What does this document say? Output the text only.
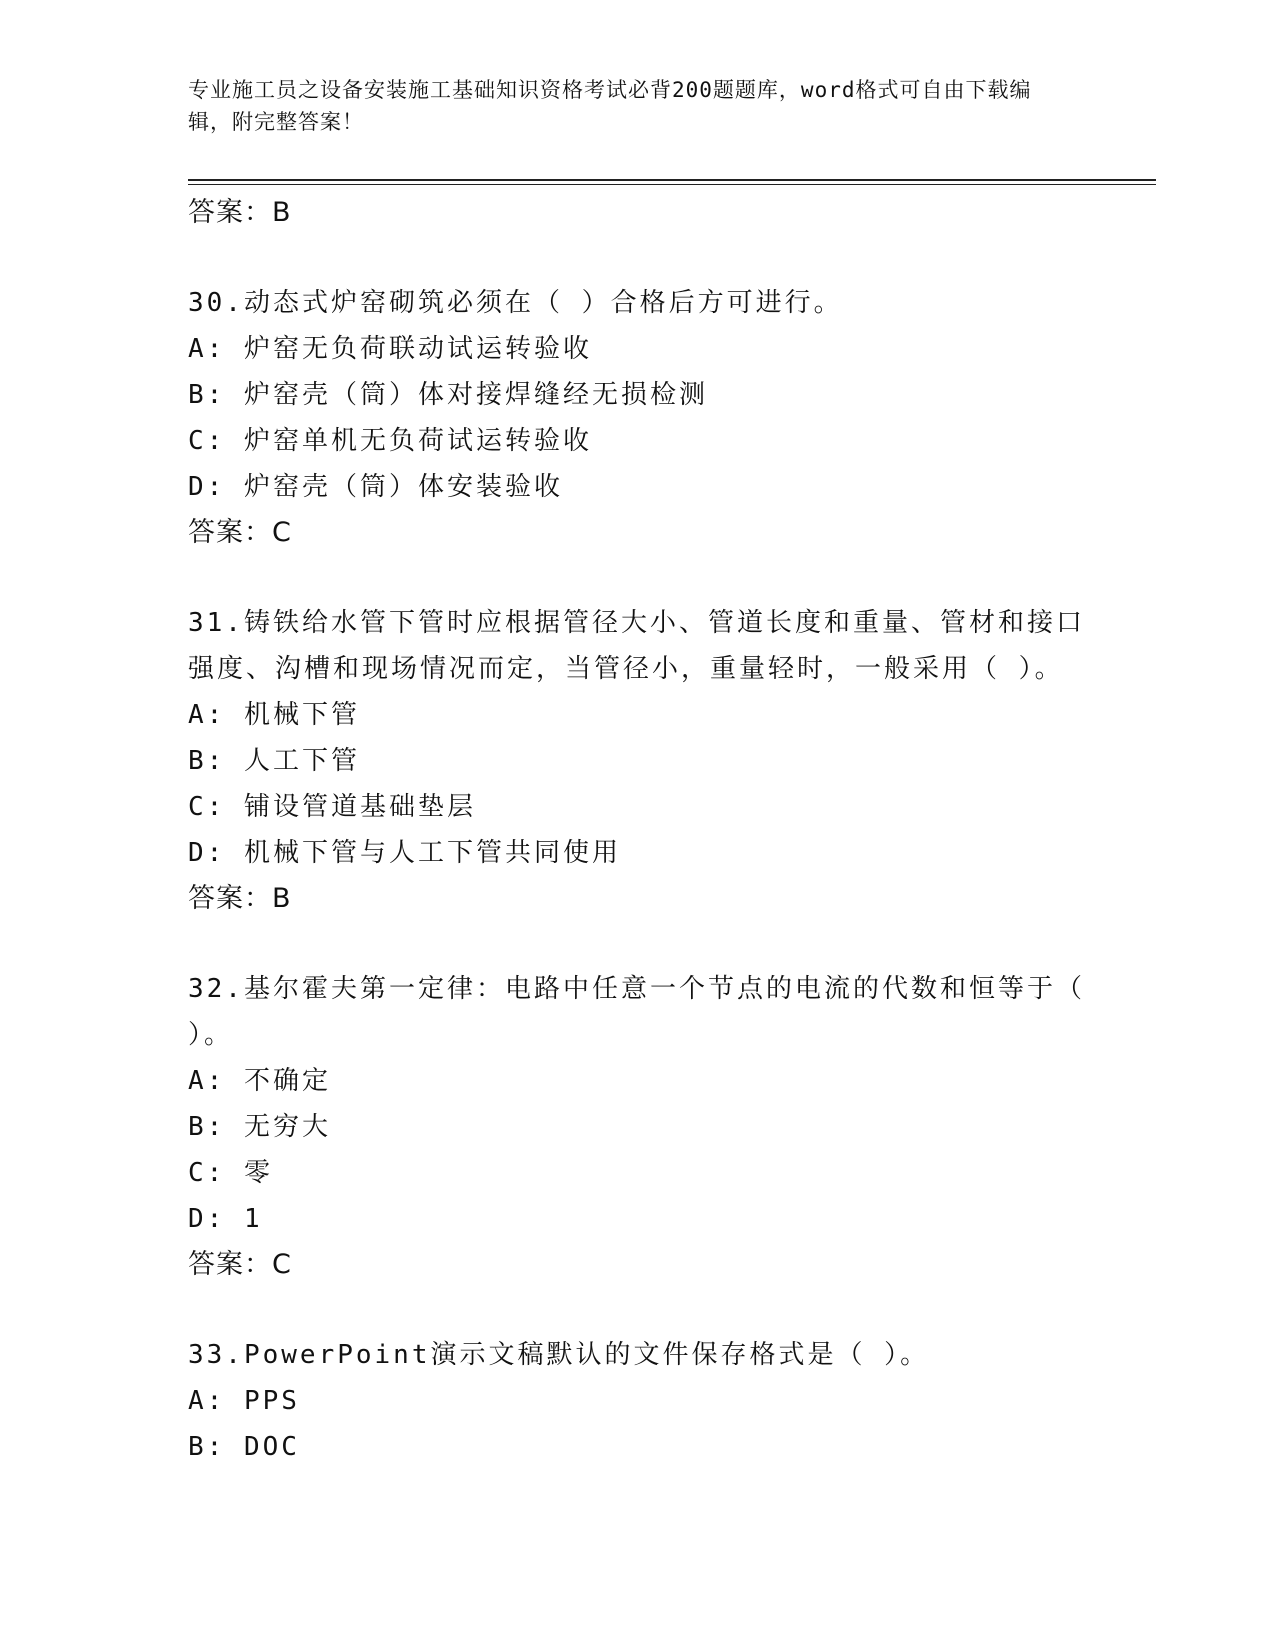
专业施工员之设备安装施工基础知识资格考试必背200题题库，word格式可自由下载编辑，附完整答案！

答案：B

30.动态式炉窑砌筑必须在（ ）合格后方可进行。

A: 炉窑无负荷联动试运转验收

B: 炉窑壳（筒）体对接焊缝经无损检测

C: 炉窑单机无负荷试运转验收

D: 炉窑壳（筒）体安装验收

答案：C

31.铸铁给水管下管时应根据管径大小、管道长度和重量、管材和接口强度、沟槽和现场情况而定，当管径小，重量轻时，一般采用（ ）。

A: 机械下管

B: 人工下管

C: 铺设管道基础垫层

D: 机械下管与人工下管共同使用

答案：B

32.基尔霍夫第一定律：电路中任意一个节点的电流的代数和恒等于（ ）。

A: 不确定

B: 无穷大

C: 零

D: 1

答案：C

33.PowerPoint演示文稿默认的文件保存格式是（ ）。

A: PPS

B: DOC
